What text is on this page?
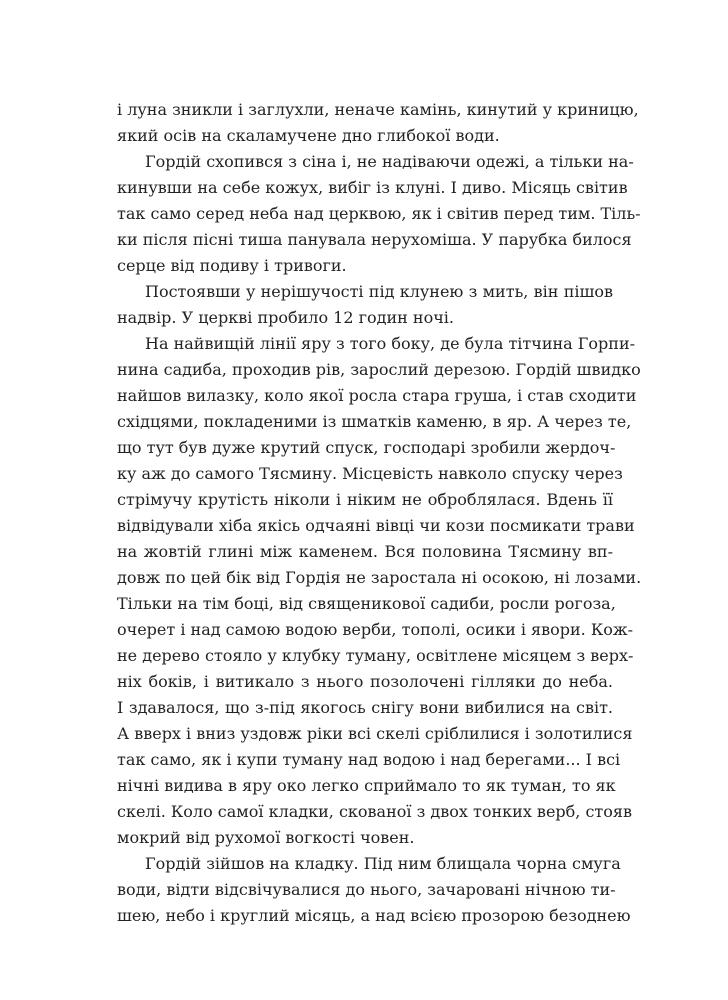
і луна зникли і заглухли, неначе камінь, кинутий у криницю,
який осів на скаламучене дно глибокої води.
Гордій схопився з сіна і, не надіваючи одежі, а тільки на-
кинувши на себе кожух, вибіг із клуні. І диво. Місяць світив
так само серед неба над церквою, як і світив перед тим. Тіль-
ки після пісні тиша панувала нерухоміша. У парубка билося
серце від подиву і тривоги.
Постоявши у нерішучості під клунею з мить, він пішов
надвір. У церкві пробило 12 годин ночі.
На найвищій лінії яру з того боку, де була тітчина Горпи-
нина садиба, проходив рів, зарослий дерезою. Гордій швидко
найшов вилазку, коло якої росла стара груша, і став сходити
східцями, покладеними із шматків каменю, в яр. А через те,
що тут був дуже крутий спуск, господарі зробили жердоч-
ку аж до самого Тясмину. Місцевість навколо спуску через
стрімучу крутість ніколи і ніким не оброблялася. Вдень її
відвідували хіба якісь одчаяні вівці чи кози посмикати трави
на жовтій глині між каменем. Вся половина Тясмину вп-
довж по цей бік від Гордія не заростала ні осокою, ні лозами.
Тільки на тім боці, від священикової садиби, росли рогоза,
очерет і над самою водою верби, тополі, осики і явори. Кож-
не дерево стояло у клубку туману, освітлене місяцем з верх-
ніх боків, і витикало з нього позолочені гілляки до неба.
І здавалося, що з-під якогось снігу вони вибилися на світ.
А вверх і вниз уздовж ріки всі скелі сріблилися і золотилися
так само, як і купи туману над водою і над берегами... І всі
нічні видива в яру око легко сприймало то як туман, то як
скелі. Коло самої кладки, скованої з двох тонких верб, стояв
мокрий від рухомої вогкості човен.
Гордій зійшов на кладку. Під ним блищала чорна смуга
води, відти відсвічувалися до нього, зачаровані нічною ти-
шею, небо і круглий місяць, а над всією прозорою безоднею
